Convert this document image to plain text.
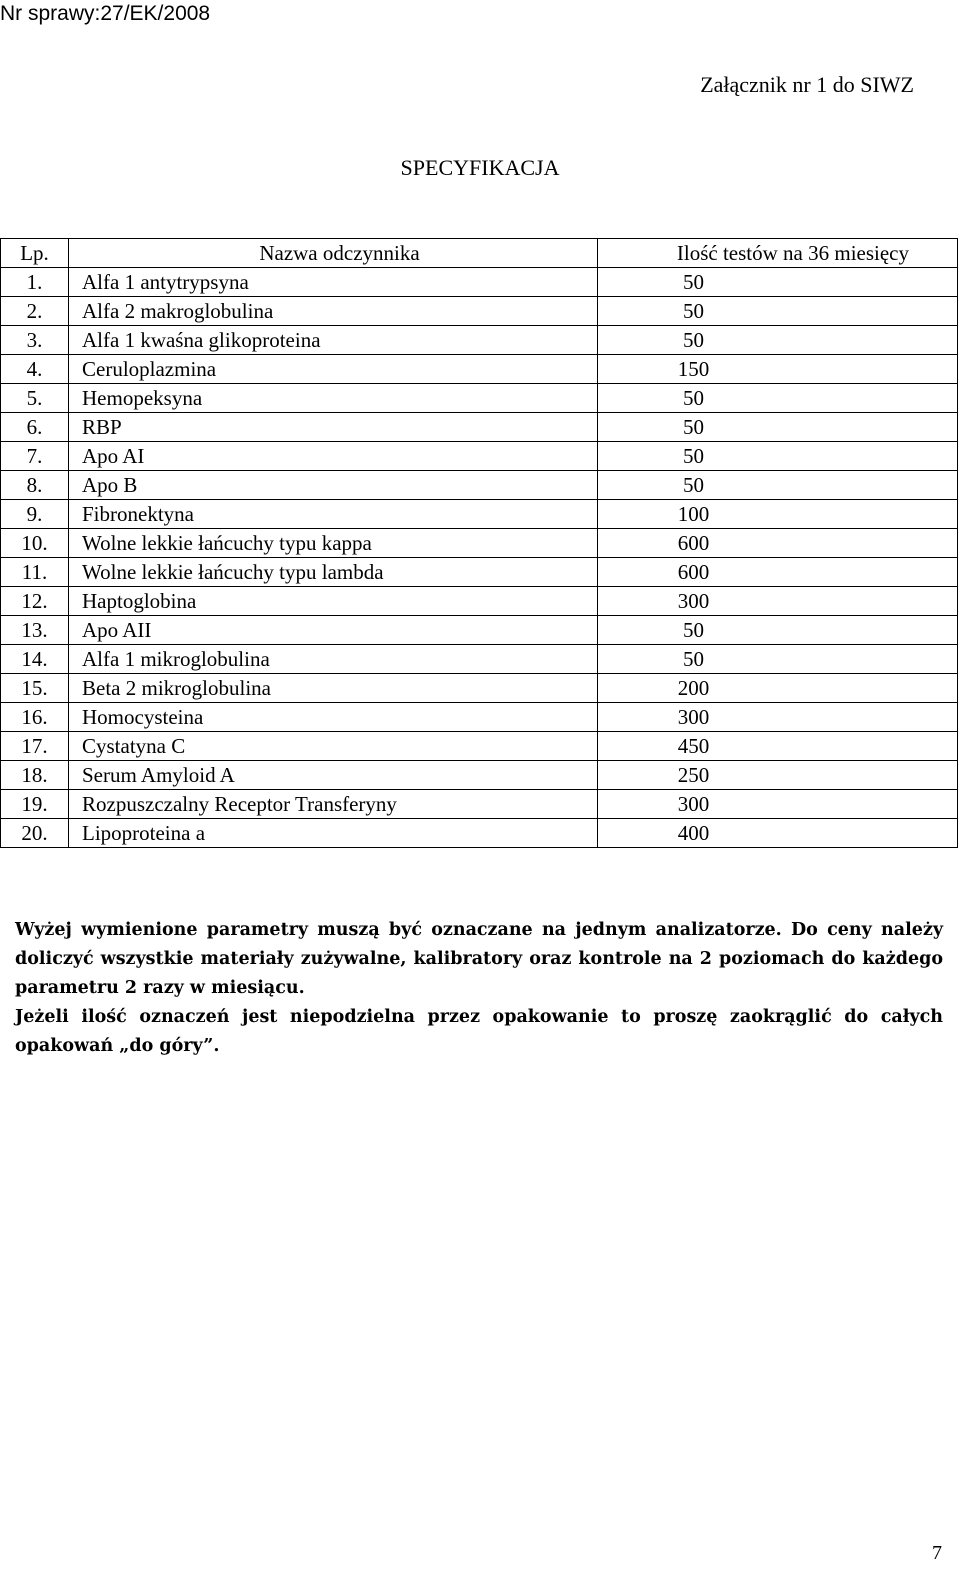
Nr sprawy:27/EK/2008
Załącznik nr 1 do SIWZ
SPECYFIKACJA
Lp.	Nazwa odczynnika	Ilość testów na 36 miesięcy
1.	Alfa 1 antytrypsyna	50
2.	Alfa 2 makroglobulina	50
3.	Alfa 1 kwaśna glikoproteina	50
4.	Ceruloplazmina	150
5.	Hemopeksyna	50
6.	RBP	50
7.	Apo AI	50
8.	Apo B	50
9.	Fibronektyna	100
10.	Wolne lekkie łańcuchy typu kappa	600
11.	Wolne lekkie łańcuchy typu lambda	600
12.	Haptoglobina	300
13.	Apo AII	50
14.	Alfa 1 mikroglobulina	50
15.	Beta 2 mikroglobulina	200
16.	Homocysteina	300
17.	Cystatyna C	450
18.	Serum Amyloid A	250
19.	Rozpuszczalny Receptor Transferyny	300
20.	Lipoproteina a	400

Wyżej wymienione parametry muszą być oznaczane na jednym analizatorze. Do ceny należy doliczyć wszystkie materiały zużywalne, kalibratory oraz kontrole na 2 poziomach do każdego parametru 2 razy w miesiącu.

Jeżeli ilość oznaczeń jest niepodzielna przez opakowanie to proszę zaokrąglić do całych opakowań „do góry”.

7
